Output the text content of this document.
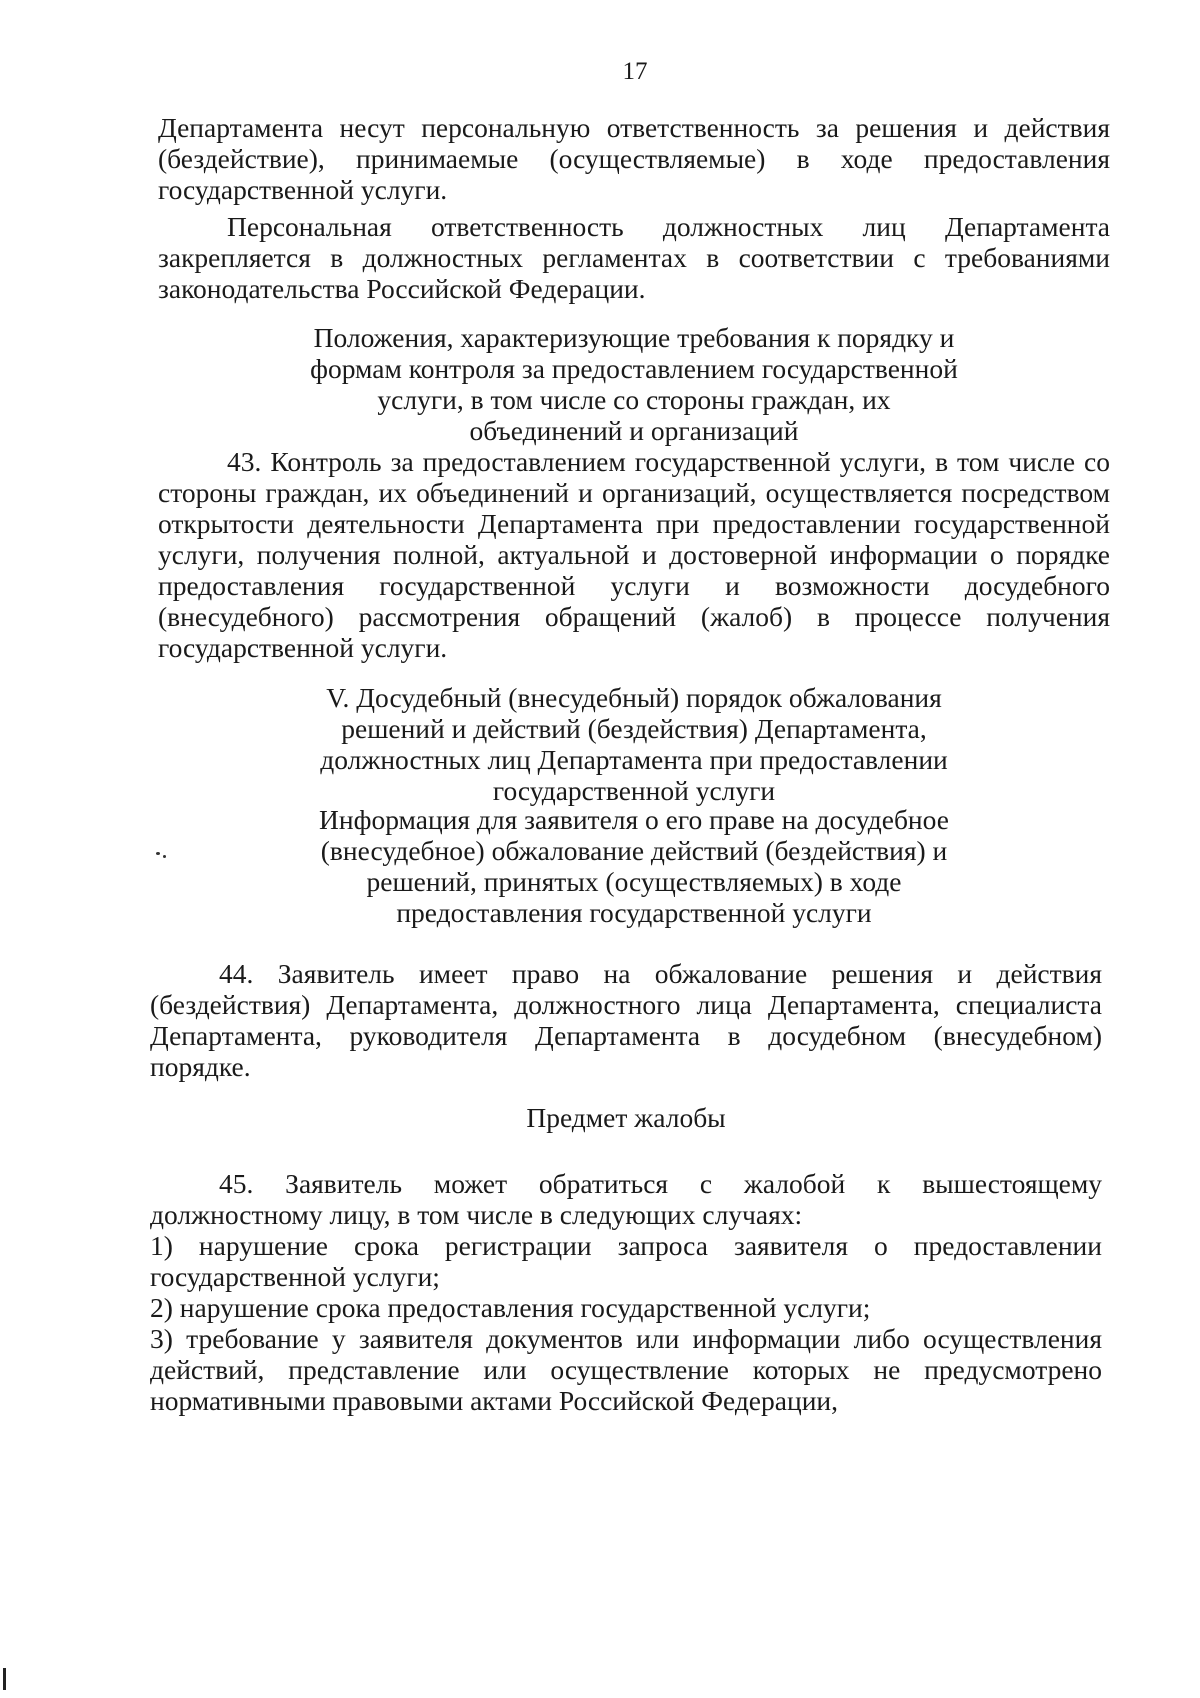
17

Департамента несут персональную ответственность за решения и действия (бездействие), принимаемые (осуществляемые) в ходе предоставления государственной услуги.

Персональная ответственность должностных лиц Департамента закрепляется в должностных регламентах в соответствии с требованиями законодательства Российской Федерации.

Положения, характеризующие требования к порядку и формам контроля за предоставлением государственной услуги, в том числе со стороны граждан, их объединений и организаций

43. Контроль за предоставлением государственной услуги, в том числе со стороны граждан, их объединений и организаций, осуществляется посредством открытости деятельности Департамента при предоставлении государственной услуги, получения полной, актуальной и достоверной информации о порядке предоставления государственной услуги и возможности досудебного (внесудебного) рассмотрения обращений (жалоб) в процессе получения государственной услуги.

V. Досудебный (внесудебный) порядок обжалования решений и действий (бездействия) Департамента, должностных лиц Департамента при предоставлении государственной услуги

Информация для заявителя о его праве на досудебное (внесудебное) обжалование действий (бездействия) и решений, принятых (осуществляемых) в ходе предоставления государственной услуги

44. Заявитель имеет право на обжалование решения и действия (бездействия) Департамента, должностного лица Департамента, специалиста Департамента, руководителя Департамента в досудебном (внесудебном) порядке.

Предмет жалобы

45. Заявитель может обратиться с жалобой к вышестоящему должностному лицу, в том числе в следующих случаях:

1) нарушение срока регистрации запроса заявителя о предоставлении государственной услуги;

2) нарушение срока предоставления государственной услуги;

3) требование у заявителя документов или информации либо осуществления действий, представление или осуществление которых не предусмотрено нормативными правовыми актами Российской Федерации,
